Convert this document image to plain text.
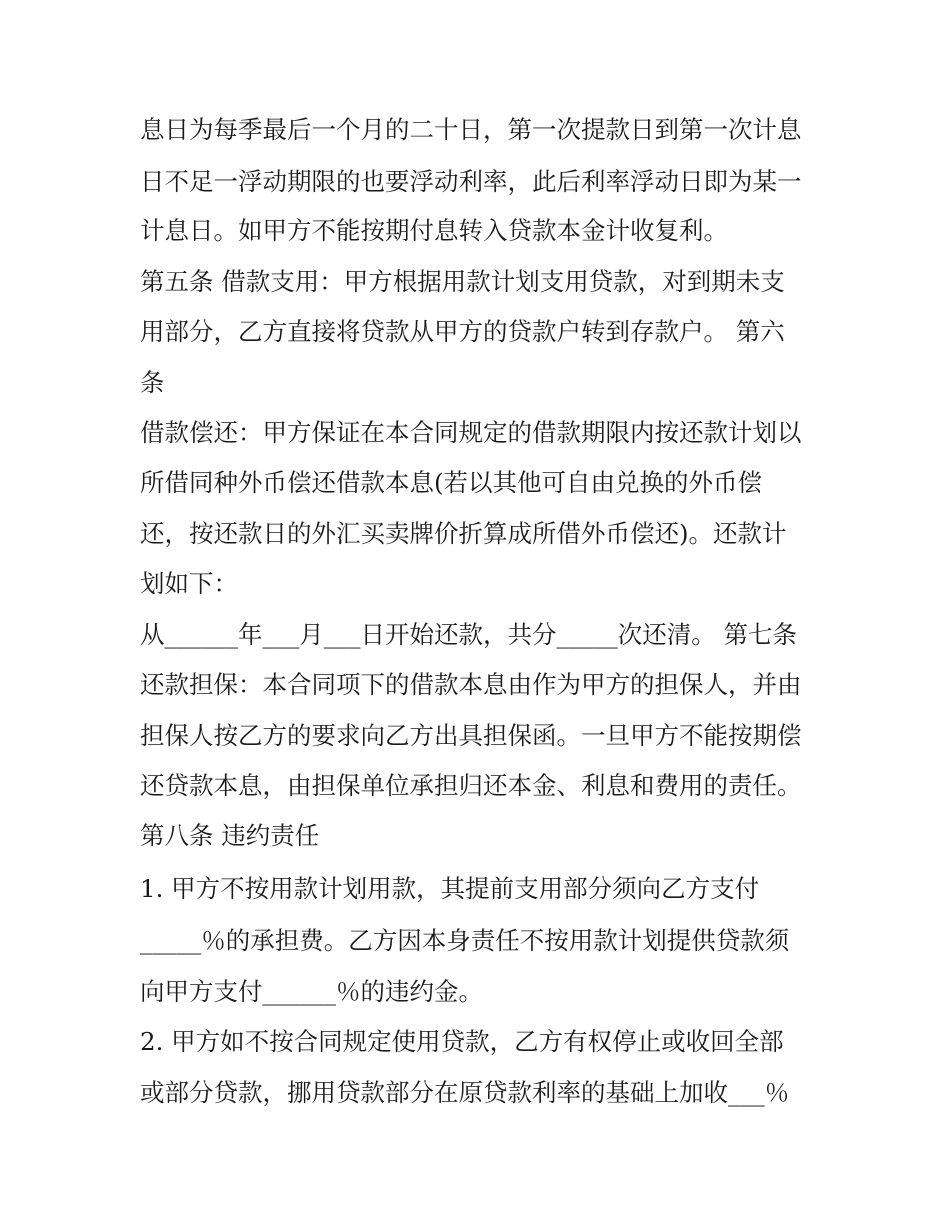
息日为每季最后一个月的二十日，第一次提款日到第一次计息
日不足一浮动期限的也要浮动利率，此后利率浮动日即为某一
计息日。如甲方不能按期付息转入贷款本金计收复利。
第五条 借款支用：甲方根据用款计划支用贷款，对到期未支
用部分，乙方直接将贷款从甲方的贷款户转到存款户。 第六
条
借款偿还：甲方保证在本合同规定的借款期限内按还款计划以
所借同种外币偿还借款本息(若以其他可自由兑换的外币偿
还，按还款日的外汇买卖牌价折算成所借外币偿还)。还款计
划如下：
从______年___月___日开始还款，共分_____次还清。 第七条
还款担保：本合同项下的借款本息由作为甲方的担保人，并由
担保人按乙方的要求向乙方出具担保函。一旦甲方不能按期偿
还贷款本息，由担保单位承担归还本金、利息和费用的责任。
第八条 违约责任
1. 甲方不按用款计划用款，其提前支用部分须向乙方支付
_____％的承担费。乙方因本身责任不按用款计划提供贷款须
向甲方支付______％的违约金。
2. 甲方如不按合同规定使用贷款，乙方有权停止或收回全部
或部分贷款，挪用贷款部分在原贷款利率的基础上加收___％
